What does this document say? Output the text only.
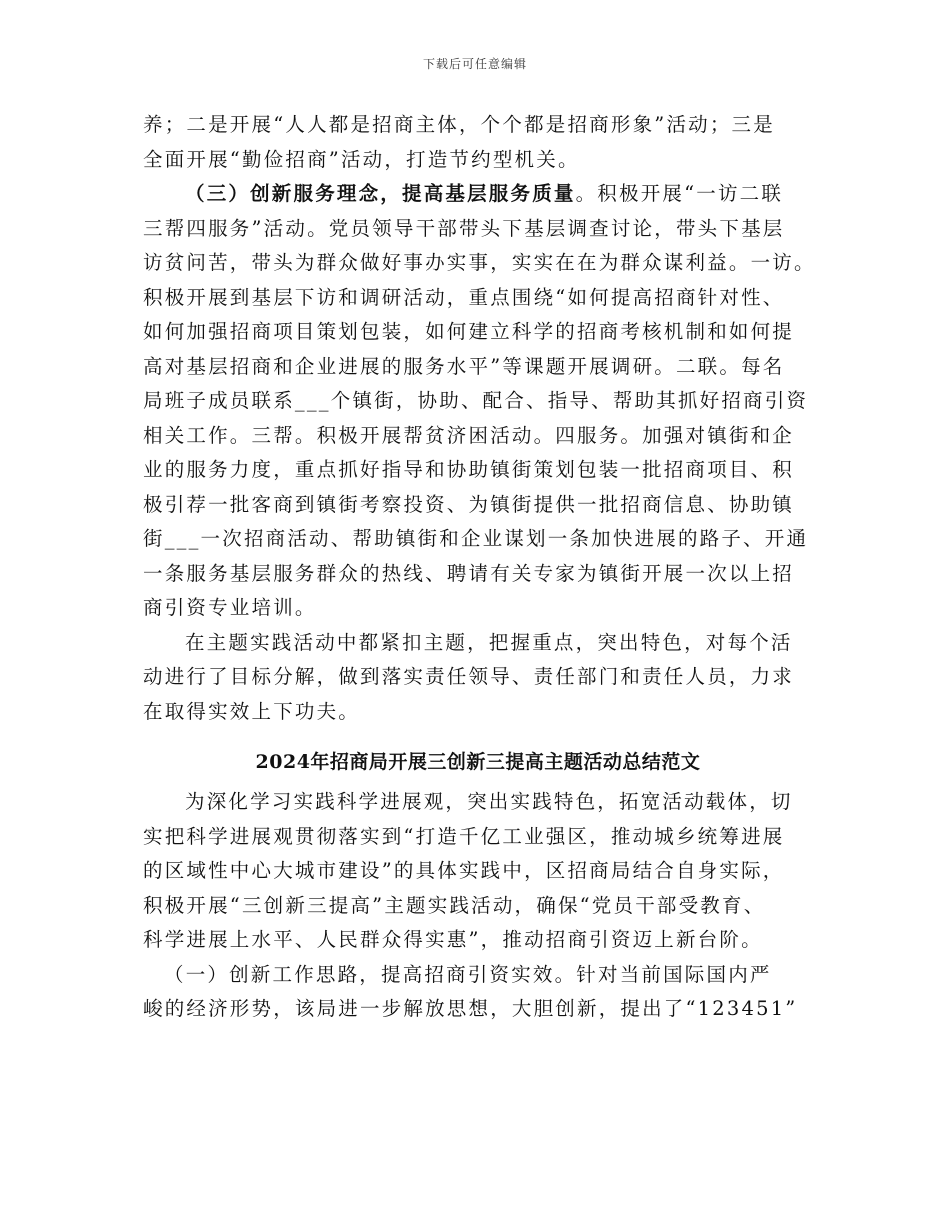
下载后可任意编辑
养；二是开展“人人都是招商主体，个个都是招商形象”活动；三是
全面开展“勤俭招商”活动，打造节约型机关。
（三）创新服务理念，提高基层服务质量。积极开展“一访二联
三帮四服务”活动。党员领导干部带头下基层调查讨论，带头下基层
访贫问苦，带头为群众做好事办实事，实实在在为群众谋利益。一访。
积极开展到基层下访和调研活动，重点围绕“如何提高招商针对性、
如何加强招商项目策划包装，如何建立科学的招商考核机制和如何提
高对基层招商和企业进展的服务水平”等课题开展调研。二联。每名
局班子成员联系___个镇街，协助、配合、指导、帮助其抓好招商引资
相关工作。三帮。积极开展帮贫济困活动。四服务。加强对镇街和企
业的服务力度，重点抓好指导和协助镇街策划包装一批招商项目、积
极引荐一批客商到镇街考察投资、为镇街提供一批招商信息、协助镇
街___一次招商活动、帮助镇街和企业谋划一条加快进展的路子、开通
一条服务基层服务群众的热线、聘请有关专家为镇街开展一次以上招
商引资专业培训。
在主题实践活动中都紧扣主题，把握重点，突出特色，对每个活
动进行了目标分解，做到落实责任领导、责任部门和责任人员，力求
在取得实效上下功夫。
2024年招商局开展三创新三提高主题活动总结范文
为深化学习实践科学进展观，突出实践特色，拓宽活动载体，切
实把科学进展观贯彻落实到“打造千亿工业强区，推动城乡统筹进展
的区域性中心大城市建设”的具体实践中，区招商局结合自身实际，
积极开展“三创新三提高”主题实践活动，确保“党员干部受教育、
科学进展上水平、人民群众得实惠”，推动招商引资迈上新台阶。
（一）创新工作思路，提高招商引资实效。针对当前国际国内严
峻的经济形势，该局进一步解放思想，大胆创新，提出了“123451”
